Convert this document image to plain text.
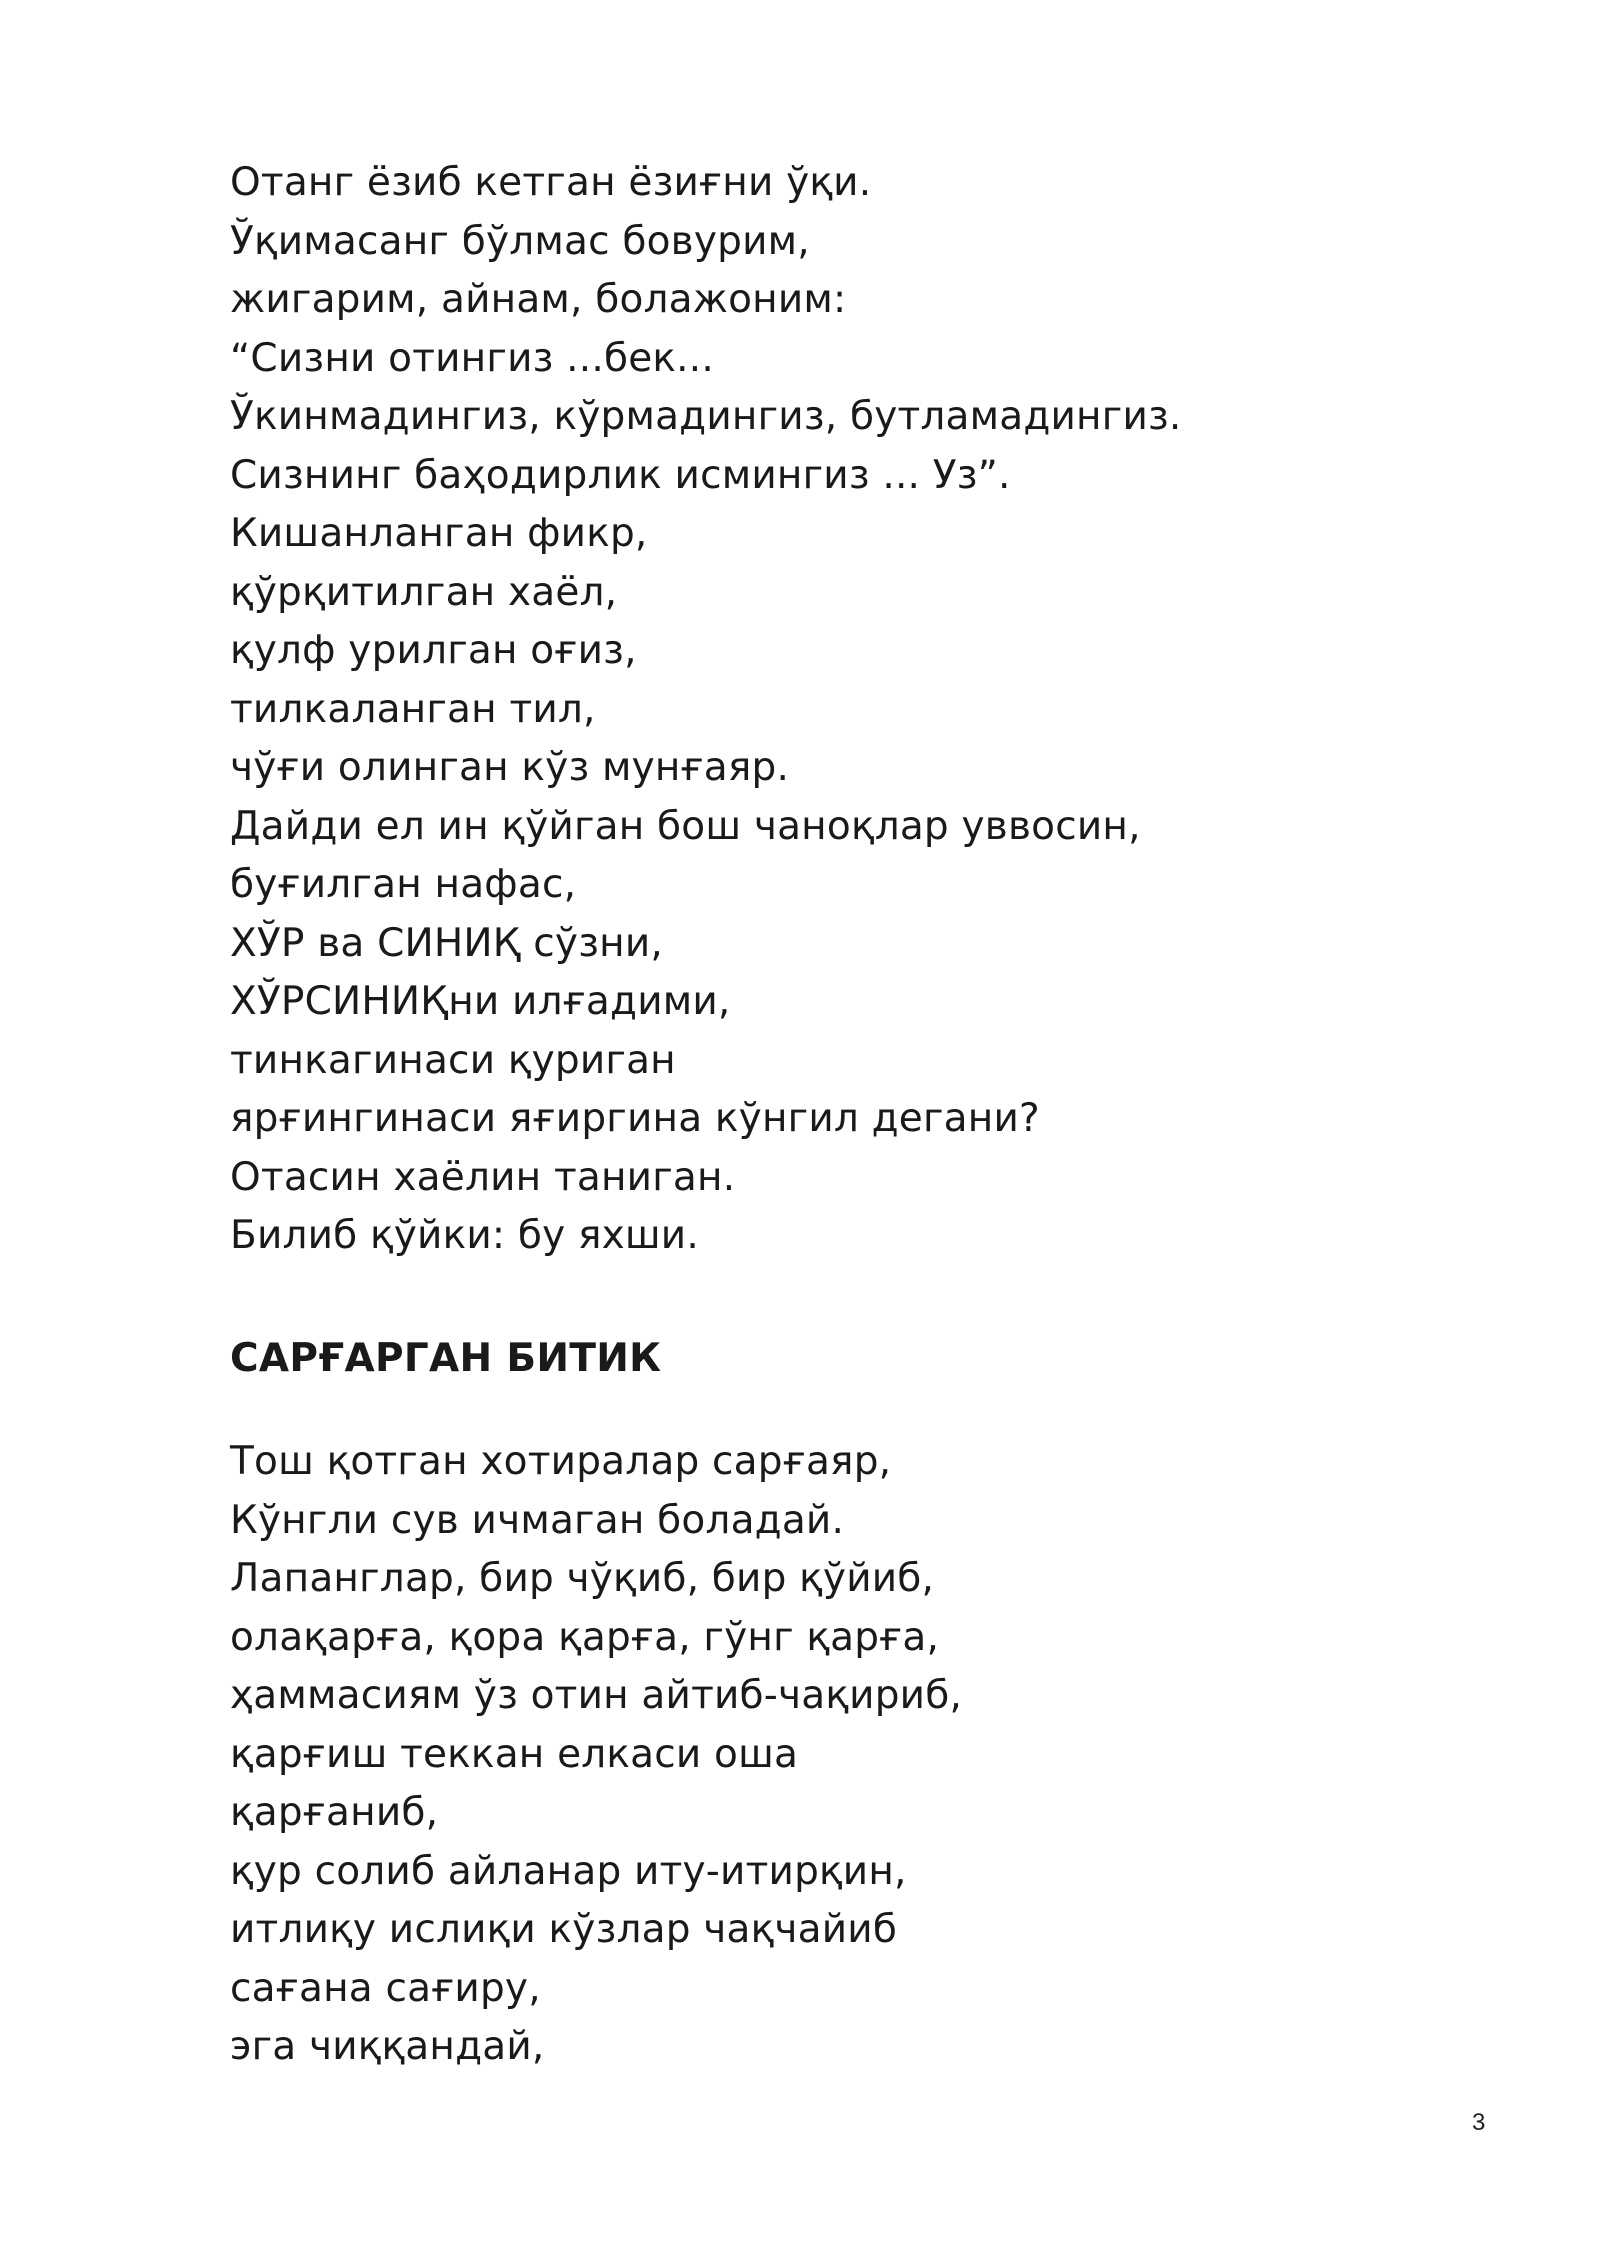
Отанг ёзиб кетган ёзиғни ўқи.
Ўқимасанг бўлмас бовурим,
жигарим, айнам, болажоним:
“Сизни отингиз ...бек...
Ўкинмадингиз, кўрмадингиз, бутламадингиз.
Сизнинг баҳодирлик исмингиз ... Уз”.
Кишанланган фикр,
қўрқитилган хаёл,
қулф урилган оғиз,
тилкаланган тил,
чўғи олинган кўз мунғаяр.
Дайди ел ин қўйган бош чаноқлар уввосин,
буғилган нафас,
ХЎР ва СИНИҚ сўзни,
ХЎРСИНИҚни илғадими,
тинкагинаси қуриган
ярғингинаси яғиргина кўнгил дегани?
Отасин хаёлин таниган.
Билиб қўйки: бу яхши.
САРҒАРГАН БИТИК
Тош қотган хотиралар сарғаяр,
Кўнгли сув ичмаган боладай.
Лапанглар, бир чўқиб, бир қўйиб,
олақарға, қора қарға, гўнг қарға,
ҳаммасиям ўз отин айтиб-чақириб,
қарғиш теккан елкаси оша
қарғаниб,
қур солиб айланар иту-итирқин,
итлиқу ислиқи кўзлар чақчайиб
сағана сағиру,
эга чиққандай,
3
